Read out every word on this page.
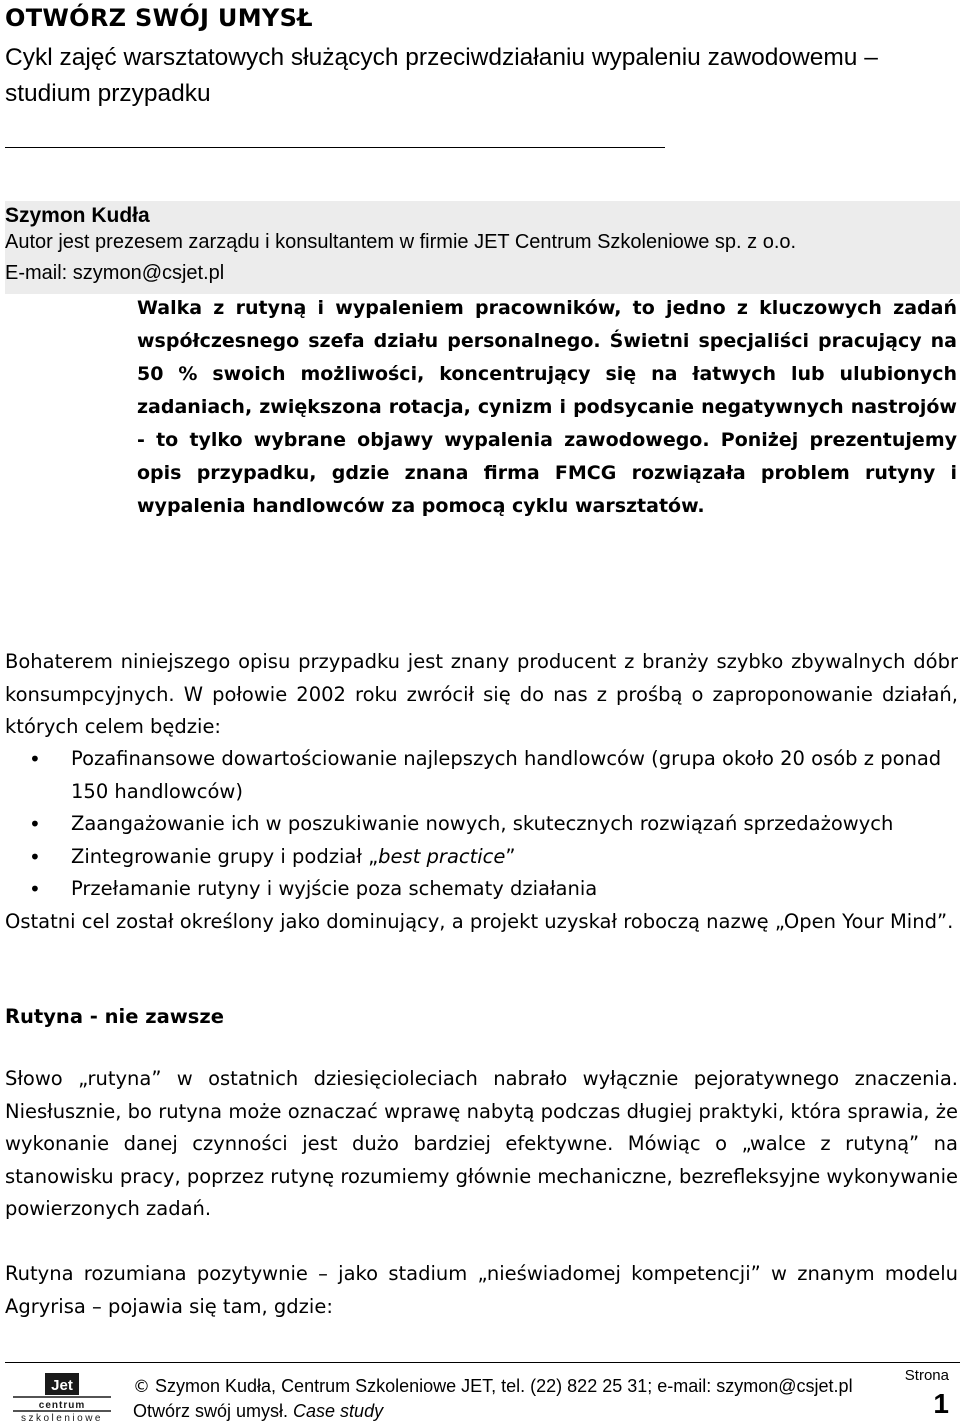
OTWÓRZ SWÓJ UMYSŁ
Cykl zajęć warsztatowych służących przeciwdziałaniu wypaleniu zawodowemu – studium przypadku
Szymon Kudła
Autor jest prezesem zarządu i konsultantem w firmie JET Centrum Szkoleniowe sp. z o.o.
E-mail: szymon@csjet.pl
Walka z rutyną i wypaleniem pracowników, to jedno z kluczowych zadań współczesnego szefa działu personalnego. Świetni specjaliści pracujący na 50 % swoich możliwości, koncentrujący się na łatwych lub ulubionych zadaniach, zwiększona rotacja, cynizm i podsycanie negatywnych nastrojów - to tylko wybrane objawy wypalenia zawodowego. Poniżej prezentujemy opis przypadku, gdzie znana firma FMCG rozwiązała problem rutyny i wypalenia handlowców za pomocą cyklu warsztatów.
Bohaterem niniejszego opisu przypadku jest znany producent z branży szybko zbywalnych dóbr konsumpcyjnych. W połowie 2002 roku zwrócił się do nas z prośbą o zaproponowanie działań, których celem będzie:
• Pozafinansowe dowartościowanie najlepszych handlowców (grupa około 20 osób z ponad 150 handlowców)
• Zaangażowanie ich w poszukiwanie nowych, skutecznych rozwiązań sprzedażowych
• Zintegrowanie grupy i podział „best practice”
• Przełamanie rutyny i wyjście poza schematy działania
Ostatni cel został określony jako dominujący, a projekt uzyskał roboczą nazwę „Open Your Mind”.
Rutyna - nie zawsze
Słowo „rutyna” w ostatnich dziesięcioleciach nabrało wyłącznie pejoratywnego znaczenia. Niesłusznie, bo rutyna może oznaczać wprawę nabytą podczas długiej praktyki, która sprawia, że wykonanie danej czynności jest dużo bardziej efektywne. Mówiąc o „walce z rutyną” na stanowisku pracy, poprzez rutynę rozumiemy głównie mechaniczne, bezrefleksyjne wykonywanie powierzonych zadań.
Rutyna rozumiana pozytywnie – jako stadium „nieświadomej kompetencji” w znanym modelu Agryrisa – pojawia się tam, gdzie:
Jet
centrum
szkoleniowe
© Szymon Kudła, Centrum Szkoleniowe JET, tel. (22) 822 25 31; e-mail: szymon@csjet.pl
Otwórz swój umysł. Case study
Strona
1
